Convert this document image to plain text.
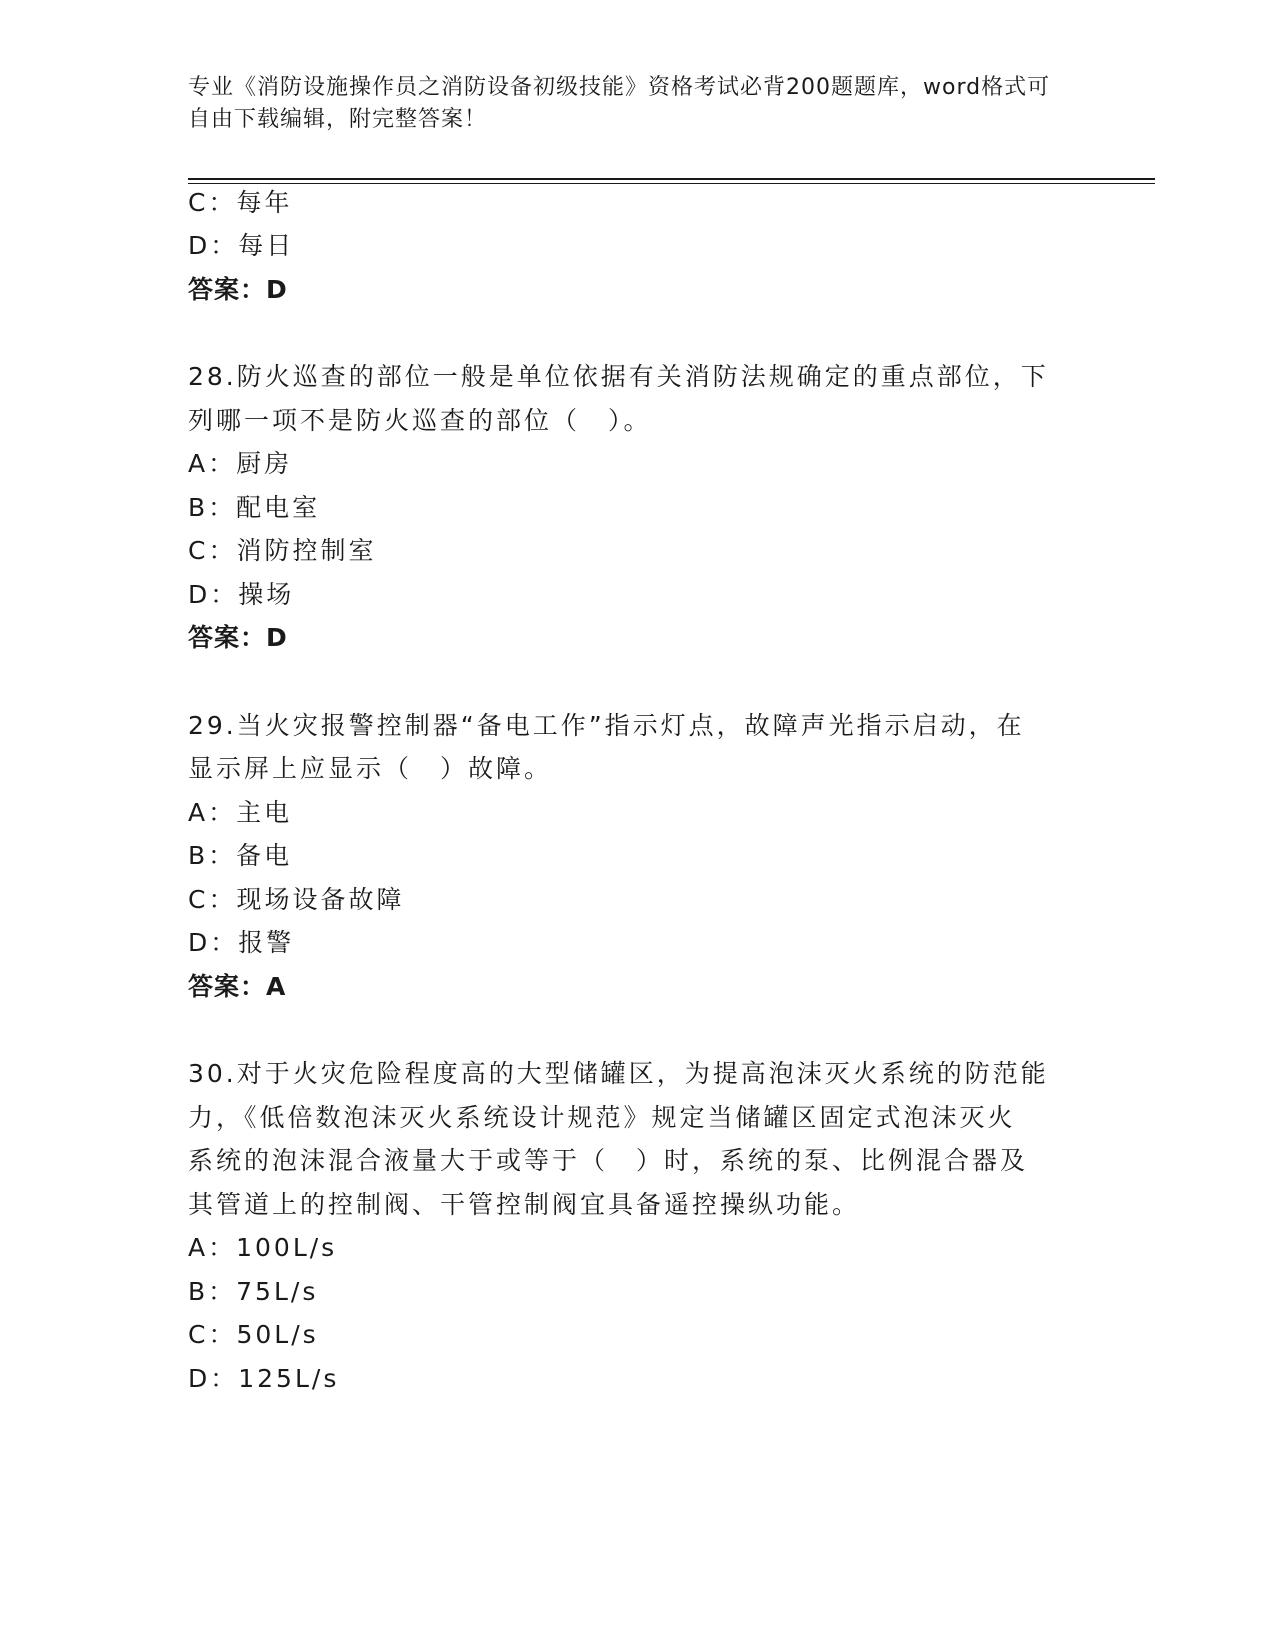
专业《消防设施操作员之消防设备初级技能》资格考试必背200题题库，word格式可自由下载编辑，附完整答案！
C：每年
D：每日
答案：D
28.防火巡查的部位一般是单位依据有关消防法规确定的重点部位，下
列哪一项不是防火巡查的部位（　）。
A：厨房
B：配电室
C：消防控制室
D：操场
答案：D
29.当火灾报警控制器“备电工作”指示灯点，故障声光指示启动，在
显示屏上应显示（　）故障。
A：主电
B：备电
C：现场设备故障
D：报警
答案：A
30.对于火灾危险程度高的大型储罐区，为提高泡沫灭火系统的防范能
力，《低倍数泡沫灭火系统设计规范》规定当储罐区固定式泡沫灭火
系统的泡沫混合液量大于或等于（　）时，系统的泵、比例混合器及
其管道上的控制阀、干管控制阀宜具备遥控操纵功能。
A：100L/s
B：75L/s
C：50L/s
D：125L/s
